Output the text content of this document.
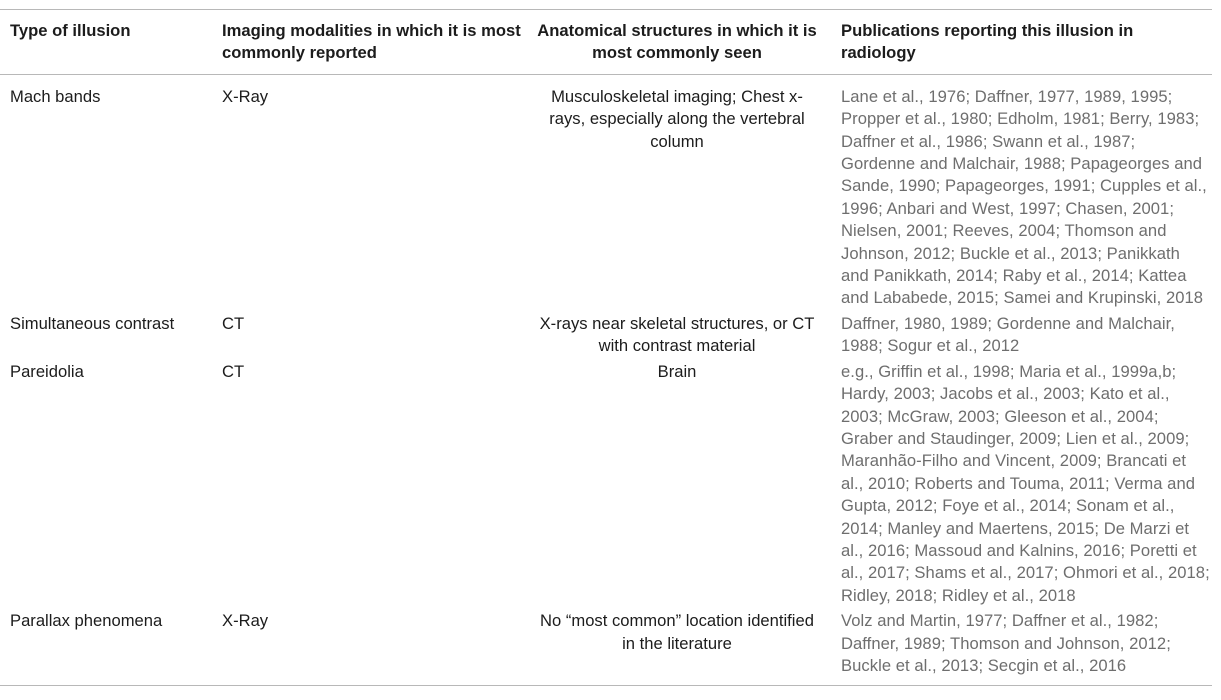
Type of illusion	Imaging modalities in which it is most commonly reported	Anatomical structures in which it is most commonly seen	Publications reporting this illusion in radiology
Mach bands	X-Ray	Musculoskeletal imaging; Chest x-rays, especially along the vertebral column	Lane et al., 1976; Daffner, 1977, 1989, 1995; Propper et al., 1980; Edholm, 1981; Berry, 1983; Daffner et al., 1986; Swann et al., 1987; Gordenne and Malchair, 1988; Papageorges and Sande, 1990; Papageorges, 1991; Cupples et al., 1996; Anbari and West, 1997; Chasen, 2001; Nielsen, 2001; Reeves, 2004; Thomson and Johnson, 2012; Buckle et al., 2013; Panikkath and Panikkath, 2014; Raby et al., 2014; Kattea and Lababede, 2015; Samei and Krupinski, 2018
Simultaneous contrast	CT	X-rays near skeletal structures, or CT with contrast material	Daffner, 1980, 1989; Gordenne and Malchair, 1988; Sogur et al., 2012
Pareidolia	CT	Brain	e.g., Griffin et al., 1998; Maria et al., 1999a,b; Hardy, 2003; Jacobs et al., 2003; Kato et al., 2003; McGraw, 2003; Gleeson et al., 2004; Graber and Staudinger, 2009; Lien et al., 2009; Maranhão-Filho and Vincent, 2009; Brancati et al., 2010; Roberts and Touma, 2011; Verma and Gupta, 2012; Foye et al., 2014; Sonam et al., 2014; Manley and Maertens, 2015; De Marzi et al., 2016; Massoud and Kalnins, 2016; Poretti et al., 2017; Shams et al., 2017; Ohmori et al., 2018; Ridley, 2018; Ridley et al., 2018
Parallax phenomena	X-Ray	No “most common” location identified in the literature	Volz and Martin, 1977; Daffner et al., 1982; Daffner, 1989; Thomson and Johnson, 2012; Buckle et al., 2013; Secgin et al., 2016
